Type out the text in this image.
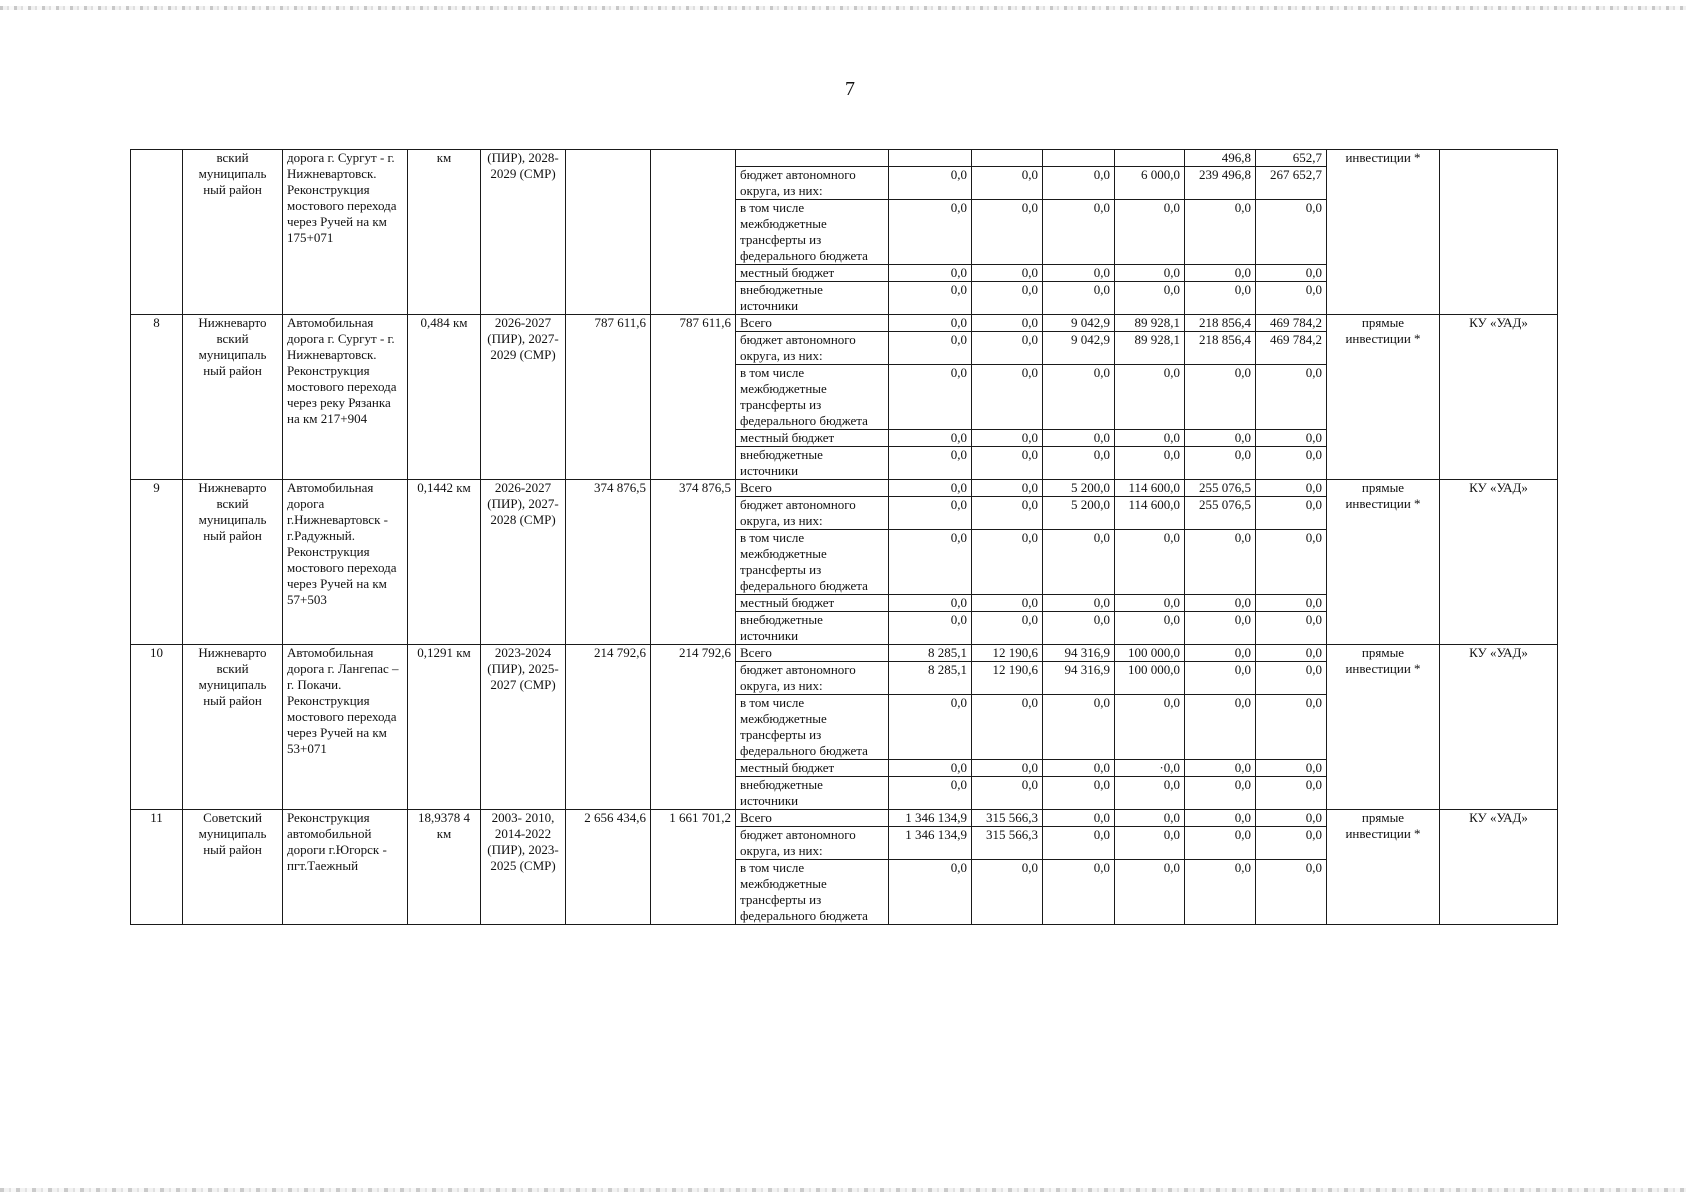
7
	вский муниципаль ный район	дорога г. Сургут - г. Нижневартовск. Реконструкция мостового перехода через Ручей на км 175+071	км	(ПИР), 2028-2029 (СМР)								496,8	652,7	инвестиции *	
							бюджет автономного округа, из них:	0,0	0,0	0,0	6 000,0	239 496,8	267 652,7		
							в том числе межбюджетные трансферты из федерального бюджета	0,0	0,0	0,0	0,0	0,0	0,0		
							местный бюджет	0,0	0,0	0,0	0,0	0,0	0,0		
							внебюджетные источники	0,0	0,0	0,0	0,0	0,0	0,0		
8	Нижневарто вский муниципаль ный район	Автомобильная дорога г. Сургут - г. Нижневартовск. Реконструкция мостового перехода через реку Рязанка на км 217+904	0,484 км	2026-2027 (ПИР), 2027-2029 (СМР)	787 611,6	787 611,6	Всего	0,0	0,0	9 042,9	89 928,1	218 856,4	469 784,2	прямые инвестиции *	КУ «УАД»
							бюджет автономного округа, из них:	0,0	0,0	9 042,9	89 928,1	218 856,4	469 784,2		
							в том числе межбюджетные трансферты из федерального бюджета	0,0	0,0	0,0	0,0	0,0	0,0		
							местный бюджет	0,0	0,0	0,0	0,0	0,0	0,0		
							внебюджетные источники	0,0	0,0	0,0	0,0	0,0	0,0		
9	Нижневарто вский муниципаль ный район	Автомобильная дорога г.Нижневартовск - г.Радужный. Реконструкция мостового перехода через Ручей на км 57+503	0,1442 км	2026-2027 (ПИР), 2027-2028 (СМР)	374 876,5	374 876,5	Всего	0,0	0,0	5 200,0	114 600,0	255 076,5	0,0	прямые инвестиции *	КУ «УАД»
							бюджет автономного округа, из них:	0,0	0,0	5 200,0	114 600,0	255 076,5	0,0		
							в том числе межбюджетные трансферты из федерального бюджета	0,0	0,0	0,0	0,0	0,0	0,0		
							местный бюджет	0,0	0,0	0,0	0,0	0,0	0,0		
							внебюджетные источники	0,0	0,0	0,0	0,0	0,0	0,0		
10	Нижневарто вский муниципаль ный район	Автомобильная дорога г. Лангепас – г. Покачи. Реконструкция мостового перехода через Ручей на км 53+071	0,1291 км	2023-2024 (ПИР), 2025-2027 (СМР)	214 792,6	214 792,6	Всего	8 285,1	12 190,6	94 316,9	100 000,0	0,0	0,0	прямые инвестиции *	КУ «УАД»
							бюджет автономного округа, из них:	8 285,1	12 190,6	94 316,9	100 000,0	0,0	0,0		
							в том числе межбюджетные трансферты из федерального бюджета	0,0	0,0	0,0	0,0	0,0	0,0		
							местный бюджет	0,0	0,0	0,0	·0,0	0,0	0,0		
							внебюджетные источники	0,0	0,0	0,0	0,0	0,0	0,0		
11	Советский муниципаль ный район	Реконструкция автомобильной дороги г.Югорск - пгт.Таежный	18,9378 4 км	2003- 2010, 2014-2022 (ПИР), 2023-2025 (СМР)	2 656 434,6	1 661 701,2	Всего	1 346 134,9	315 566,3	0,0	0,0	0,0	0,0	прямые инвестиции *	КУ «УАД»
							бюджет автономного округа, из них:	1 346 134,9	315 566,3	0,0	0,0	0,0	0,0		
							в том числе межбюджетные трансферты из федерального бюджета	0,0	0,0	0,0	0,0	0,0	0,0		
